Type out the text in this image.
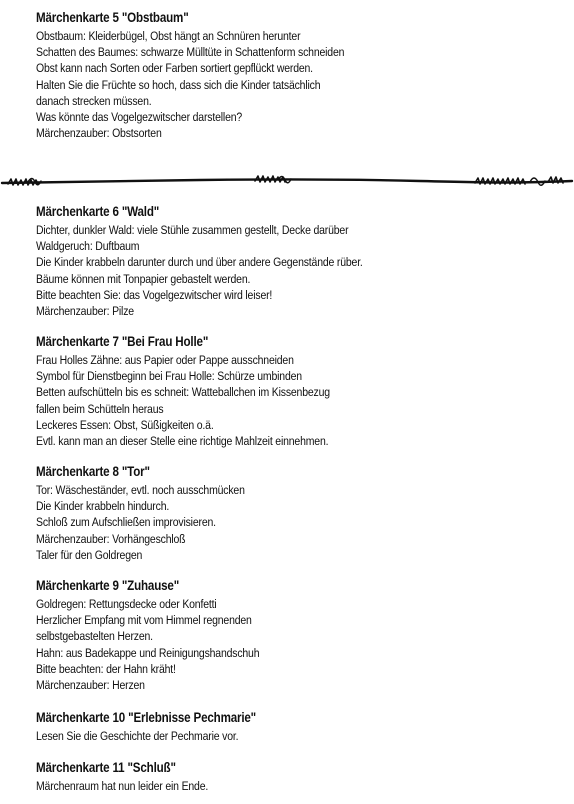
Märchenkarte 5 "Obstbaum"
Obstbaum: Kleiderbügel, Obst hängt an Schnüren herunter
Schatten des Baumes: schwarze Mülltüte in Schattenform schneiden
Obst kann nach Sorten oder Farben sortiert gepflückt werden.
Halten Sie die Früchte so hoch, dass sich die Kinder tatsächlich
danach strecken müssen.
Was könnte das Vogelgezwitscher darstellen?
Märchenzauber: Obstsorten
Märchenkarte 6 "Wald"
Dichter, dunkler Wald: viele Stühle zusammen gestellt, Decke darüber
Waldgeruch: Duftbaum
Die Kinder krabbeln darunter durch und über andere Gegenstände rüber.
Bäume können mit Tonpapier gebastelt werden.
Bitte beachten Sie: das Vogelgezwitscher wird leiser!
Märchenzauber: Pilze
Märchenkarte 7 "Bei Frau Holle"
Frau Holles Zähne: aus Papier oder Pappe ausschneiden
Symbol für Dienstbeginn bei Frau Holle: Schürze umbinden
Betten aufschütteln bis es schneit: Watteballchen im Kissenbezug
fallen beim Schütteln heraus
Leckeres Essen: Obst, Süßigkeiten o.ä.
Evtl. kann man an dieser Stelle eine richtige Mahlzeit einnehmen.
Märchenkarte 8 "Tor"
Tor: Wäscheständer, evtl. noch ausschmücken
Die Kinder krabbeln hindurch.
Schloß zum Aufschließen improvisieren.
Märchenzauber: Vorhängeschloß
Taler für den Goldregen
Märchenkarte 9 "Zuhause"
Goldregen: Rettungsdecke oder Konfetti
Herzlicher Empfang mit vom Himmel regnenden
selbstgebastelten Herzen.
Hahn: aus Badekappe und Reinigungshandschuh
Bitte beachten: der Hahn kräht!
Märchenzauber: Herzen
Märchenkarte 10 "Erlebnisse Pechmarie"
Lesen Sie die Geschichte der Pechmarie vor.
Märchenkarte 11 "Schluß"
Märchenraum hat nun leider ein Ende.
